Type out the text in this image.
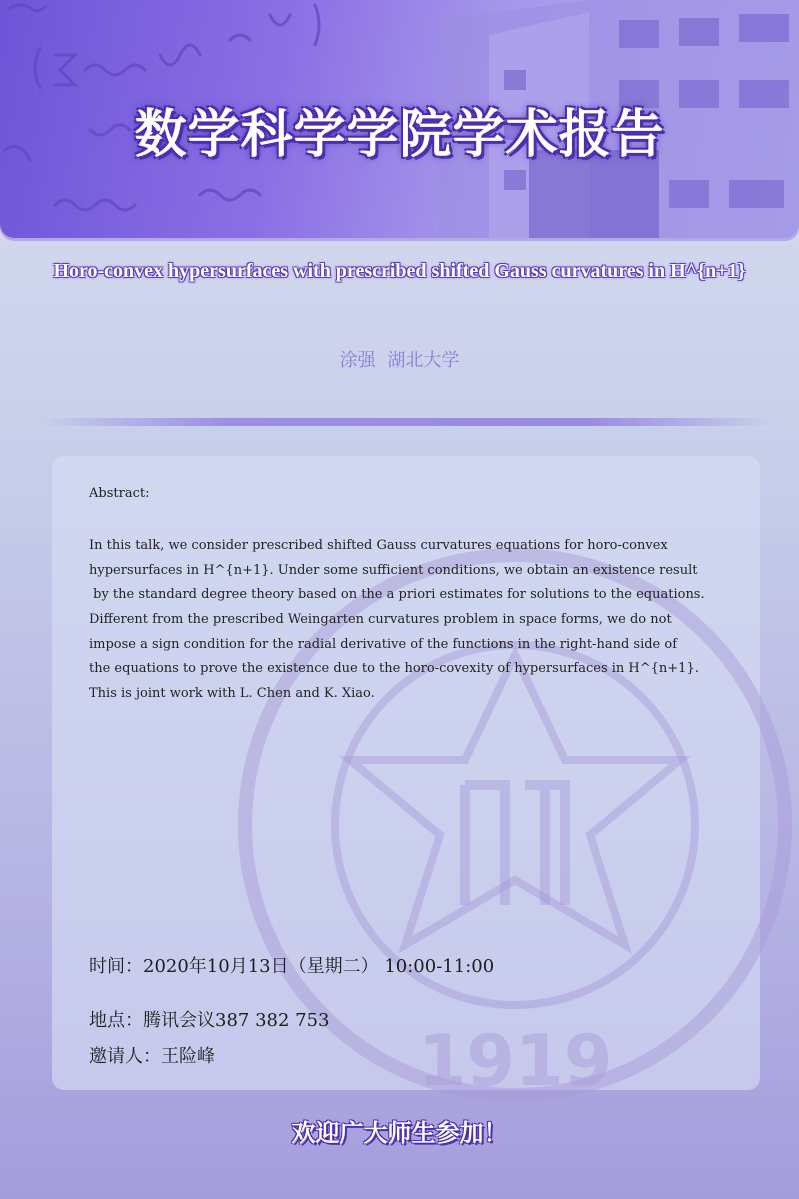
数学科学学院学术报告
Horo-convex hypersurfaces with prescribed shifted Gauss curvatures in H^{n+1}
涂强 湖北大学
1919
Abstract:
In this talk, we consider prescribed shifted Gauss curvatures equations for horo-convex
hypersurfaces in H^{n+1}. Under some sufficient conditions, we obtain an existence result
by the standard degree theory based on the a priori estimates for solutions to the equations.
Different from the prescribed Weingarten curvatures problem in space forms, we do not
impose a sign condition for the radial derivative of the functions in the right-hand side of
the equations to prove the existence due to the horo-covexity of hypersurfaces in H^{n+1}.
This is joint work with L. Chen and K. Xiao.
时间：2020年10月13日（星期二） 10:00-11:00
地点：腾讯会议387 382 753
邀请人：王险峰
欢迎广大师生参加！
